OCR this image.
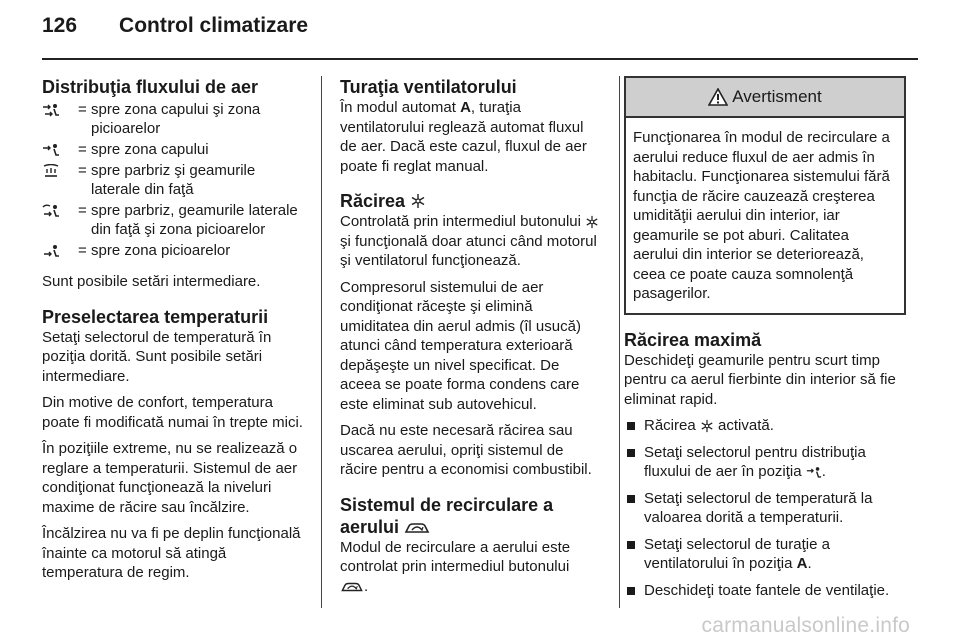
126 Control climatizare
Distribuţia fluxului de aer
	=	spre zona capului şi zona picioarelor
	=	spre zona capului
	=	spre parbriz şi geamurile laterale din faţă
	=	spre parbriz, geamurile laterale din faţă şi zona picioarelor
	=	spre zona picioarelor

Sunt posibile setări intermediare.

Preselectarea temperaturii

Setaţi selectorul de temperatură în poziţia dorită. Sunt posibile setări intermediare.

Din motive de confort, temperatura poate fi modificată numai în trepte mici.

În poziţiile extreme, nu se realizează o reglare a temperaturii. Sistemul de aer condiţionat funcţionează la niveluri maxime de răcire sau încălzire.

Încălzirea nu va fi pe deplin funcţională înainte ca motorul să atingă temperatura de regim.

Turaţia ventilatorului

În modul automat A, turaţia ventilatorului reglează automat fluxul de aer. Dacă este cazul, fluxul de aer poate fi reglat manual.

Răcirea

Controlată prin intermediul butonului  şi funcţională doar atunci când motorul şi ventilatorul funcţionează.

Compresorul sistemului de aer condiţionat răceşte şi elimină umiditatea din aerul admis (îl usucă) atunci când temperatura exterioară depăşeşte un nivel specificat. De aceea se poate forma condens care este eliminat sub autovehicul.

Dacă nu este necesară răcirea sau uscarea aerului, opriţi sistemul de răcire pentru a economisi combustibil.

Sistemul de recirculare a
aerului

Modul de recirculare a aerului este controlat prin intermediul butonului
.

Avertisment
Funcţionarea în modul de recirculare a aerului reduce fluxul de aer admis în habitaclu. Funcţionarea sistemului fără funcţia de răcire cauzează creşterea umidităţii aerului din interior, iar geamurile se pot aburi. Calitatea aerului din interior se deteriorează, ceea ce poate cauza somnolenţă pasagerilor.
Răcirea maximă

Deschideţi geamurile pentru scurt timp pentru ca aerul fierbinte din interior să fie eliminat rapid.

Răcirea  activată.
Setaţi selectorul pentru distribuţia fluxului de aer în poziţia .
Setaţi selectorul de temperatură la valoarea dorită a temperaturii.
Setaţi selectorul de turaţie a ventilatorului în poziţia A.
Deschideţi toate fantele de ventilaţie.
carmanualsonline.info
